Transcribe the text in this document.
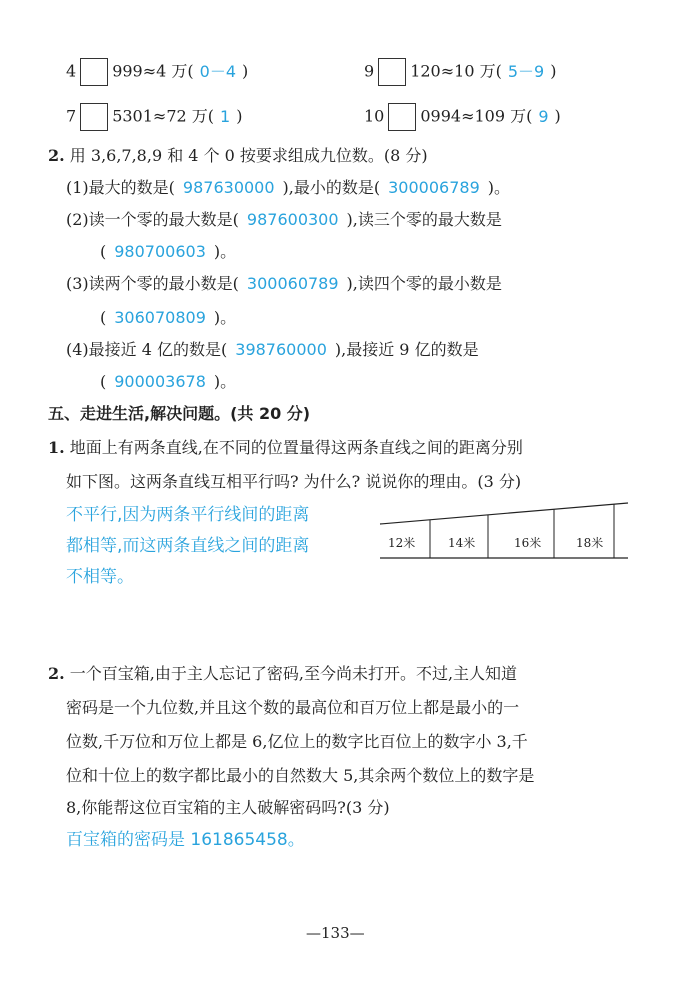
4 999≈4 万( 0－4 )	9 120≈10 万( 5－9 )
7 5301≈72 万( 1 )	10 0994≈109 万( 9 )
2. 用 3,6,7,8,9 和 4 个 0 按要求组成九位数。(8 分)
(1)最大的数是( 987630000 ),最小的数是( 300006789 )。
(2)读一个零的最大数是( 987600300 ),读三个零的最大数是
( 980700603 )。
(3)读两个零的最小数是( 300060789 ),读四个零的最小数是
( 306070809 )。
(4)最接近 4 亿的数是( 398760000 ),最接近 9 亿的数是
( 900003678 )。
五、走进生活,解决问题。(共 20 分)
1. 地面上有两条直线,在不同的位置量得这两条直线之间的距离分别
如下图。这两条直线互相平行吗? 为什么? 说说你的理由。(3 分)
不平行,因为两条平行线间的距离
都相等,而这两条直线之间的距离
不相等。
12米	14米	16米	18米
2. 一个百宝箱,由于主人忘记了密码,至今尚未打开。不过,主人知道
密码是一个九位数,并且这个数的最高位和百万位上都是最小的一
位数,千万位和万位上都是 6,亿位上的数字比百位上的数字小 3,千
位和十位上的数字都比最小的自然数大 5,其余两个数位上的数字是
8,你能帮这位百宝箱的主人破解密码吗?(3 分)
百宝箱的密码是 161865458。
—133—
